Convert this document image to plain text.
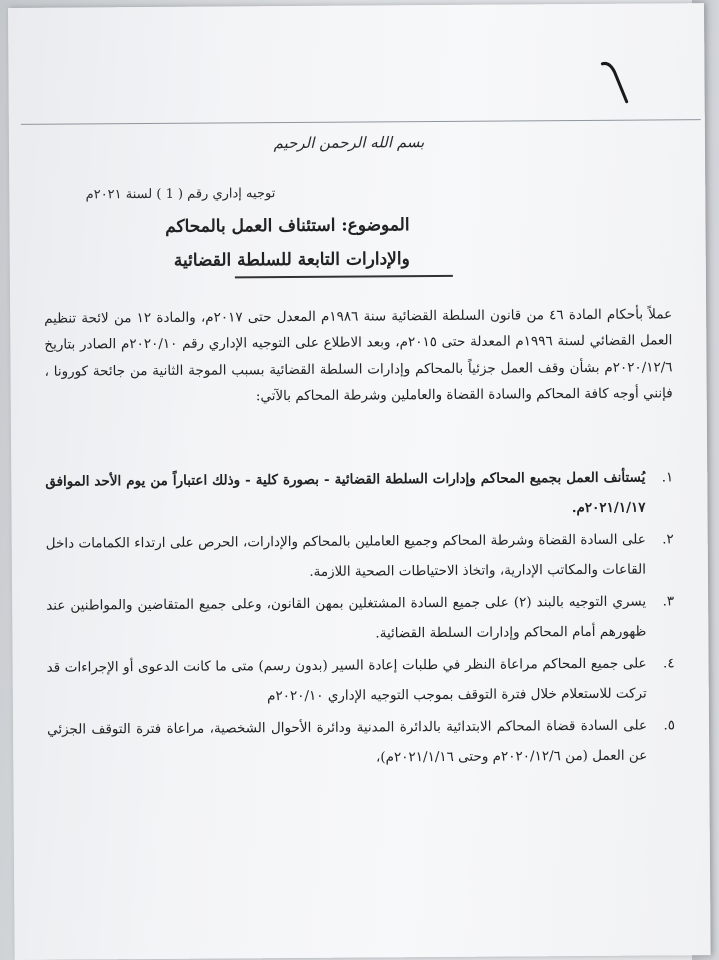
بسم الله الرحمن الرحيم
توجيه إداري رقم ( 1 ) لسنة ٢٠٢١م
الموضوع: استئناف العمل بالمحاكم
والإدارات التابعة للسلطة القضائية
عملاً بأحكام المادة ٤٦ من قانون السلطة القضائية سنة ١٩٨٦م المعدل حتى ٢٠١٧م، والمادة ١٢ من لائحة تنظيم العمل القضائي لسنة ١٩٩٦م المعدلة حتى ٢٠١٥م، وبعد الاطلاع على التوجيه الإداري رقم ٢٠٢٠/١٠م الصادر بتاريخ ٢٠٢٠/١٢/٦م بشأن وقف العمل جزئياً بالمحاكم وإدارات السلطة القضائية بسبب الموجة الثانية من جائحة كورونا ، فإنني أوجه كافة المحاكم والسادة القضاة والعاملين وشرطة المحاكم بالآتي:
١.
يُستأنف العمل بجميع المحاكم وإدارات السلطة القضائية - بصورة كلية - وذلك اعتباراً من يوم الأحد الموافق ٢٠٢١/١/١٧م.
٢.
على السادة القضاة وشرطة المحاكم وجميع العاملين بالمحاكم والإدارات، الحرص على ارتداء الكمامات داخل القاعات والمكاتب الإدارية، واتخاذ الاحتياطات الصحية اللازمة.
٣.
يسري التوجيه بالبند (٢) على جميع السادة المشتغلين بمهن القانون، وعلى جميع المتقاضين والمواطنين عند ظهورهم أمام المحاكم وإدارات السلطة القضائية.
٤.
على جميع المحاكم مراعاة النظر في طلبات إعادة السير (بدون رسم) متى ما كانت الدعوى أو الإجراءات قد تركت للاستعلام خلال فترة التوقف بموجب التوجيه الإداري ٢٠٢٠/١٠م
٥.
على السادة قضاة المحاكم الابتدائية بالدائرة المدنية ودائرة الأحوال الشخصية، مراعاة فترة التوقف الجزئي عن العمل (من ٢٠٢٠/١٢/٦م وحتى ٢٠٢١/١/١٦م)،
